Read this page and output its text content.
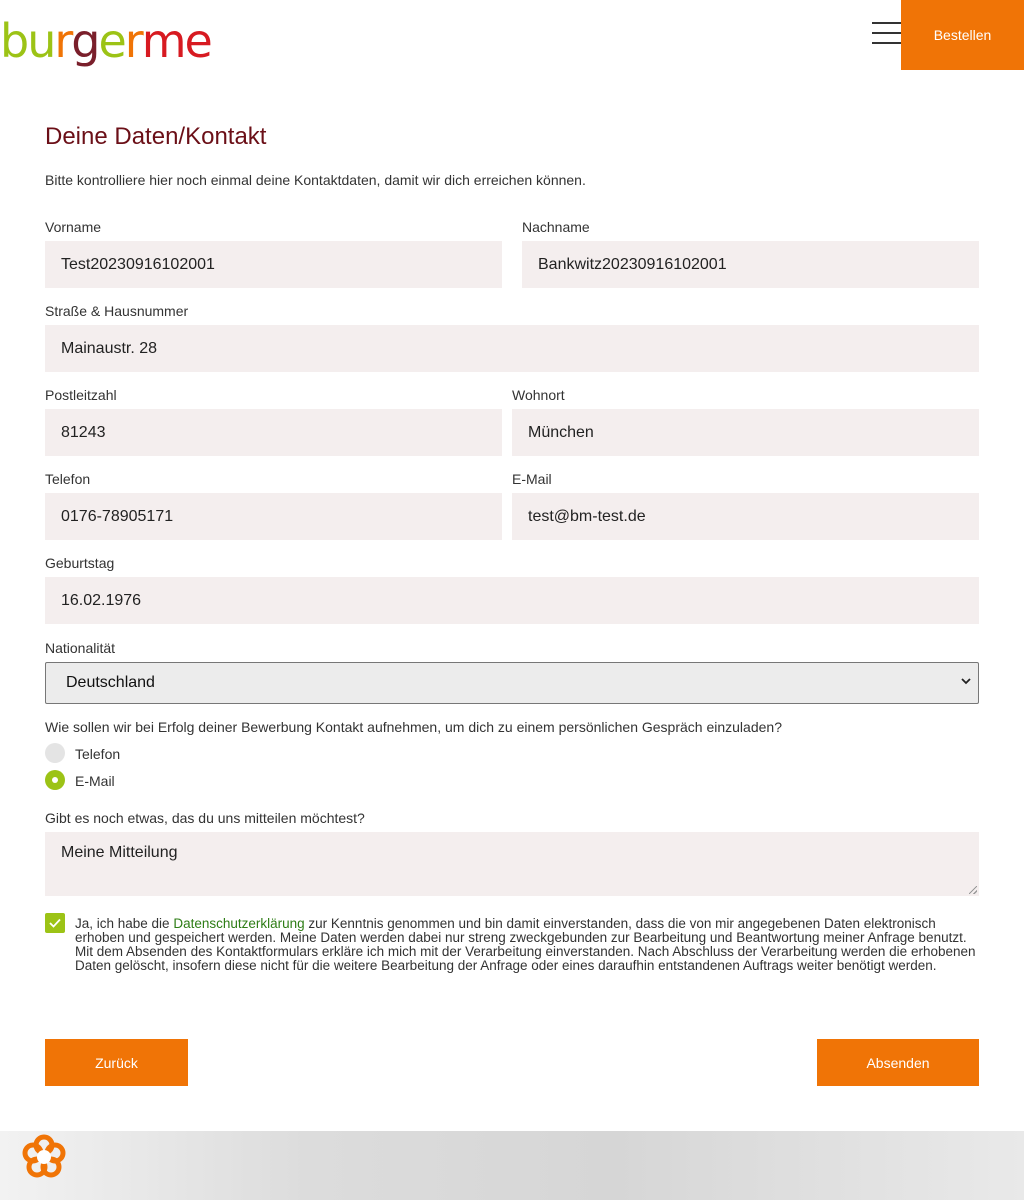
b u r g e r m e	Bestellen
Deine Daten/Kontakt

Bitte kontrolliere hier noch einmal deine Kontaktdaten, damit wir dich erreichen können.

Vorname
Test20230916102001
Nachname
Bankwitz20230916102001
Straße & Hausnummer
Mainaustr. 28
Postleitzahl
81243
Wohnort
München
Telefon
0176-78905171
E-Mail
test@bm-test.de
Geburtstag
16.02.1976
Nationalität
Deutschland

Wie sollen wir bei Erfolg deiner Bewerbung Kontakt aufnehmen, um dich zu einem persönlichen Gespräch einzuladen?

Telefon
E-Mail
Gibt es noch etwas, das du uns mitteilen möchtest?
Meine Mitteilung

Ja, ich habe die Datenschutzerklärung zur Kenntnis genommen und bin damit einverstanden, dass die von mir angegebenen Daten elektronisch erhoben und gespeichert werden. Meine Daten werden dabei nur streng zweckgebunden zur Bearbeitung und Beantwortung meiner Anfrage benutzt. Mit dem Absenden des Kontaktformulars erkläre ich mich mit der Verarbeitung einverstanden. Nach Abschluss der Verarbeitung werden die erhobenen Daten gelöscht, insofern diese nicht für die weitere Bearbeitung der Anfrage oder eines daraufhin entstandenen Auftrags weiter benötigt werden.

Zurück	Absenden
